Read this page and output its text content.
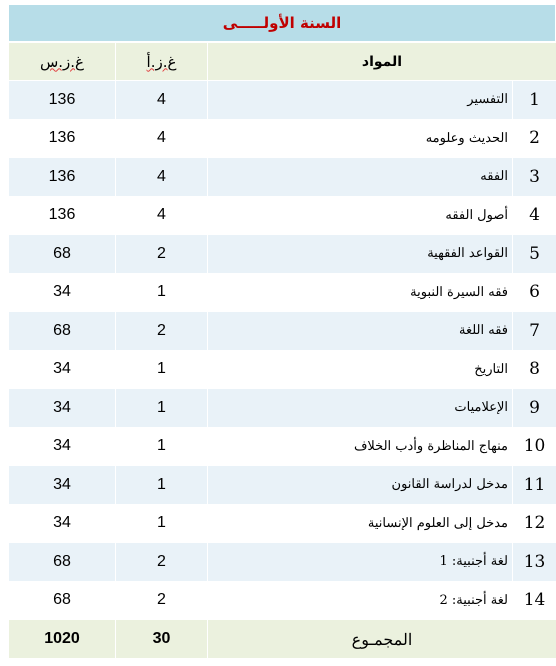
السنة الأولـــــى
غ.ز.س	غ.ز.أ	المواد	
136	4	التفسير	1
136	4	الحديث وعلومه	2
136	4	الفقه	3
136	4	أصول الفقه	4
68	2	القواعد الفقهية	5
34	1	فقه السيرة النبوية	6
68	2	فقه اللغة	7
34	1	التاريخ	8
34	1	الإعلاميات	9
34	1	منهاج المناظرة وأدب الخلاف	10
34	1	مدخل لدراسة القانون	11
34	1	مدخل إلى العلوم الإنسانية	12
68	2	لغة أجنبية: 1	13
68	2	لغة أجنبية: 2	14
1020	30	المجمـوع	
